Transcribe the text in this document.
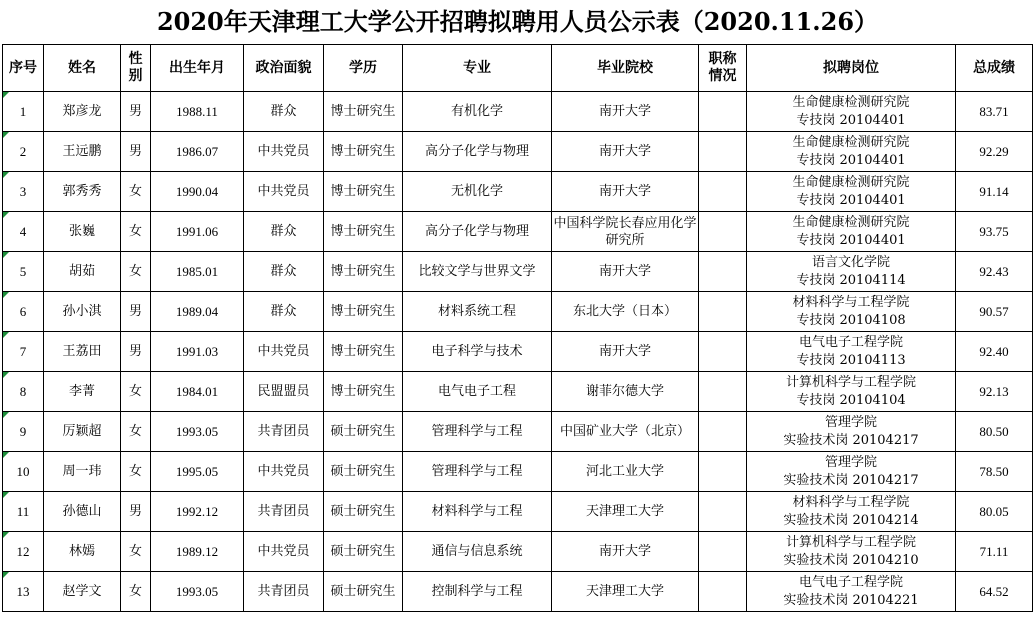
2020年天津理工大学公开招聘拟聘用人员公示表（2020.11.26）
序号	姓名	性别	出生年月	政治面貌	学历	专业	毕业院校	职称情况	拟聘岗位	总成绩
1	郑彦龙	男	1988.11	群众	博士研究生	有机化学	南开大学		生命健康检测研究院
专技岗 20104401	83.71
2	王远鹏	男	1986.07	中共党员	博士研究生	高分子化学与物理	南开大学		生命健康检测研究院
专技岗 20104401	92.29
3	郭秀秀	女	1990.04	中共党员	博士研究生	无机化学	南开大学		生命健康检测研究院
专技岗 20104401	91.14
4	张巍	女	1991.06	群众	博士研究生	高分子化学与物理	中国科学院长春应用化学研究所		生命健康检测研究院
专技岗 20104401	93.75
5	胡茹	女	1985.01	群众	博士研究生	比较文学与世界文学	南开大学		语言文化学院
专技岗 20104114	92.43
6	孙小淇	男	1989.04	群众	博士研究生	材料系统工程	东北大学（日本）		材料科学与工程学院
专技岗 20104108	90.57
7	王荔田	男	1991.03	中共党员	博士研究生	电子科学与技术	南开大学		电气电子工程学院
专技岗 20104113	92.40
8	李菁	女	1984.01	民盟盟员	博士研究生	电气电子工程	谢菲尔德大学		计算机科学与工程学院
专技岗 20104104	92.13
9	厉颖超	女	1993.05	共青团员	硕士研究生	管理科学与工程	中国矿业大学（北京）		管理学院
实验技术岗 20104217	80.50
10	周一玮	女	1995.05	中共党员	硕士研究生	管理科学与工程	河北工业大学		管理学院
实验技术岗 20104217	78.50
11	孙德山	男	1992.12	共青团员	硕士研究生	材料科学与工程	天津理工大学		材料科学与工程学院
实验技术岗 20104214	80.05
12	林嫣	女	1989.12	中共党员	硕士研究生	通信与信息系统	南开大学		计算机科学与工程学院
实验技术岗 20104210	71.11
13	赵学文	女	1993.05	共青团员	硕士研究生	控制科学与工程	天津理工大学		电气电子工程学院
实验技术岗 20104221	64.52
